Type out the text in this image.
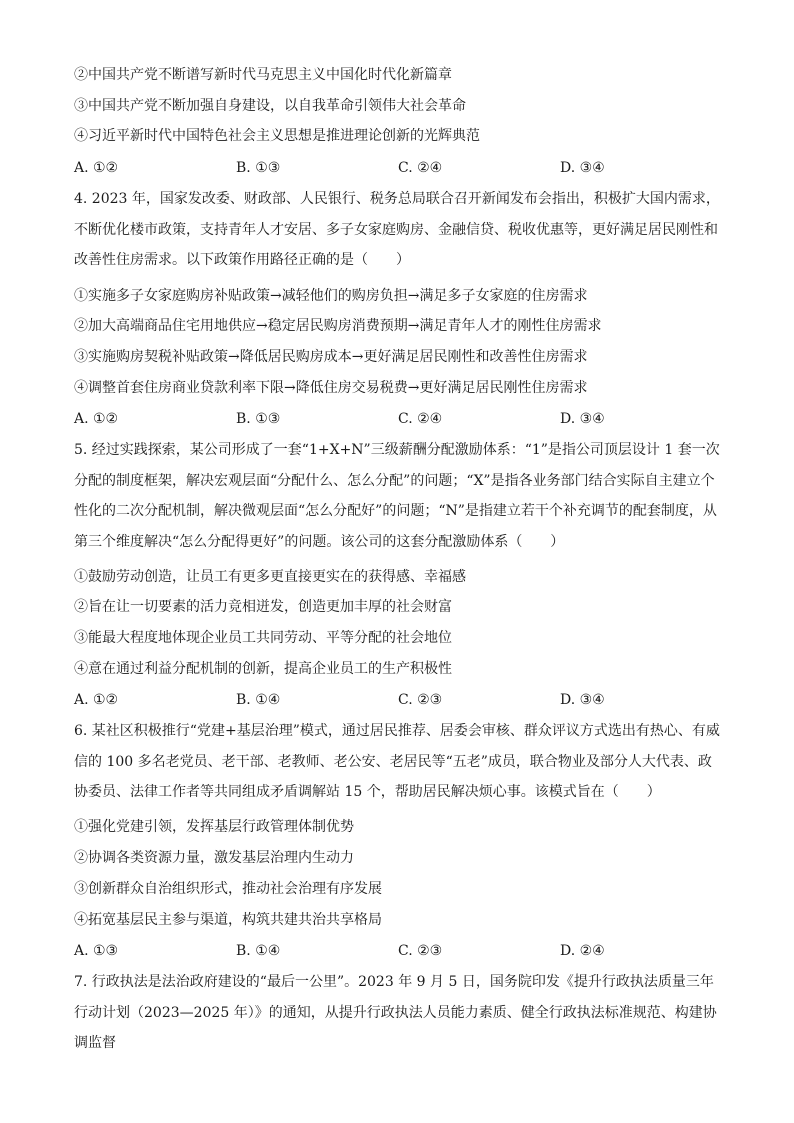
②中国共产党不断谱写新时代马克思主义中国化时代化新篇章
③中国共产党不断加强自身建设，以自我革命引领伟大社会革命
④习近平新时代中国特色社会主义思想是推进理论创新的光辉典范
A. ①②	B. ①③	C. ②④	D. ③④
4. 2023 年，国家发改委、财政部、人民银行、税务总局联合召开新闻发布会指出，积极扩大国内需求，不断优化楼市政策，支持青年人才安居、多子女家庭购房、金融信贷、税收优惠等，更好满足居民刚性和改善性住房需求。以下政策作用路径正确的是（　　）
①实施多子女家庭购房补贴政策→减轻他们的购房负担→满足多子女家庭的住房需求
②加大高端商品住宅用地供应→稳定居民购房消费预期→满足青年人才的刚性住房需求
③实施购房契税补贴政策→降低居民购房成本→更好满足居民刚性和改善性住房需求
④调整首套住房商业贷款利率下限→降低住房交易税费→更好满足居民刚性住房需求
A. ①②	B. ①③	C. ②④	D. ③④
5. 经过实践探索，某公司形成了一套“1+X+N”三级薪酬分配激励体系：“1”是指公司顶层设计 1 套一次分配的制度框架，解决宏观层面“分配什么、怎么分配”的问题；“X”是指各业务部门结合实际自主建立个性化的二次分配机制，解决微观层面“怎么分配好”的问题；“N”是指建立若干个补充调节的配套制度，从第三个维度解决“怎么分配得更好”的问题。该公司的这套分配激励体系（　　）
①鼓励劳动创造，让员工有更多更直接更实在的获得感、幸福感
②旨在让一切要素的活力竞相迸发，创造更加丰厚的社会财富
③能最大程度地体现企业员工共同劳动、平等分配的社会地位
④意在通过利益分配机制的创新，提高企业员工的生产积极性
A. ①②	B. ①④	C. ②③	D. ③④
6. 某社区积极推行“党建+基层治理”模式，通过居民推荐、居委会审核、群众评议方式选出有热心、有威信的 100 多名老党员、老干部、老教师、老公安、老居民等“五老”成员，联合物业及部分人大代表、政协委员、法律工作者等共同组成矛盾调解站 15 个，帮助居民解决烦心事。该模式旨在（　　）
①强化党建引领，发挥基层行政管理体制优势
②协调各类资源力量，激发基层治理内生动力
③创新群众自治组织形式，推动社会治理有序发展
④拓宽基层民主参与渠道，构筑共建共治共享格局
A. ①③	B. ①④	C. ②③	D. ②④
7. 行政执法是法治政府建设的“最后一公里”。2023 年 9 月 5 日，国务院印发《提升行政执法质量三年行动计划（2023—2025 年）》的通知，从提升行政执法人员能力素质、健全行政执法标准规范、构建协调监督
